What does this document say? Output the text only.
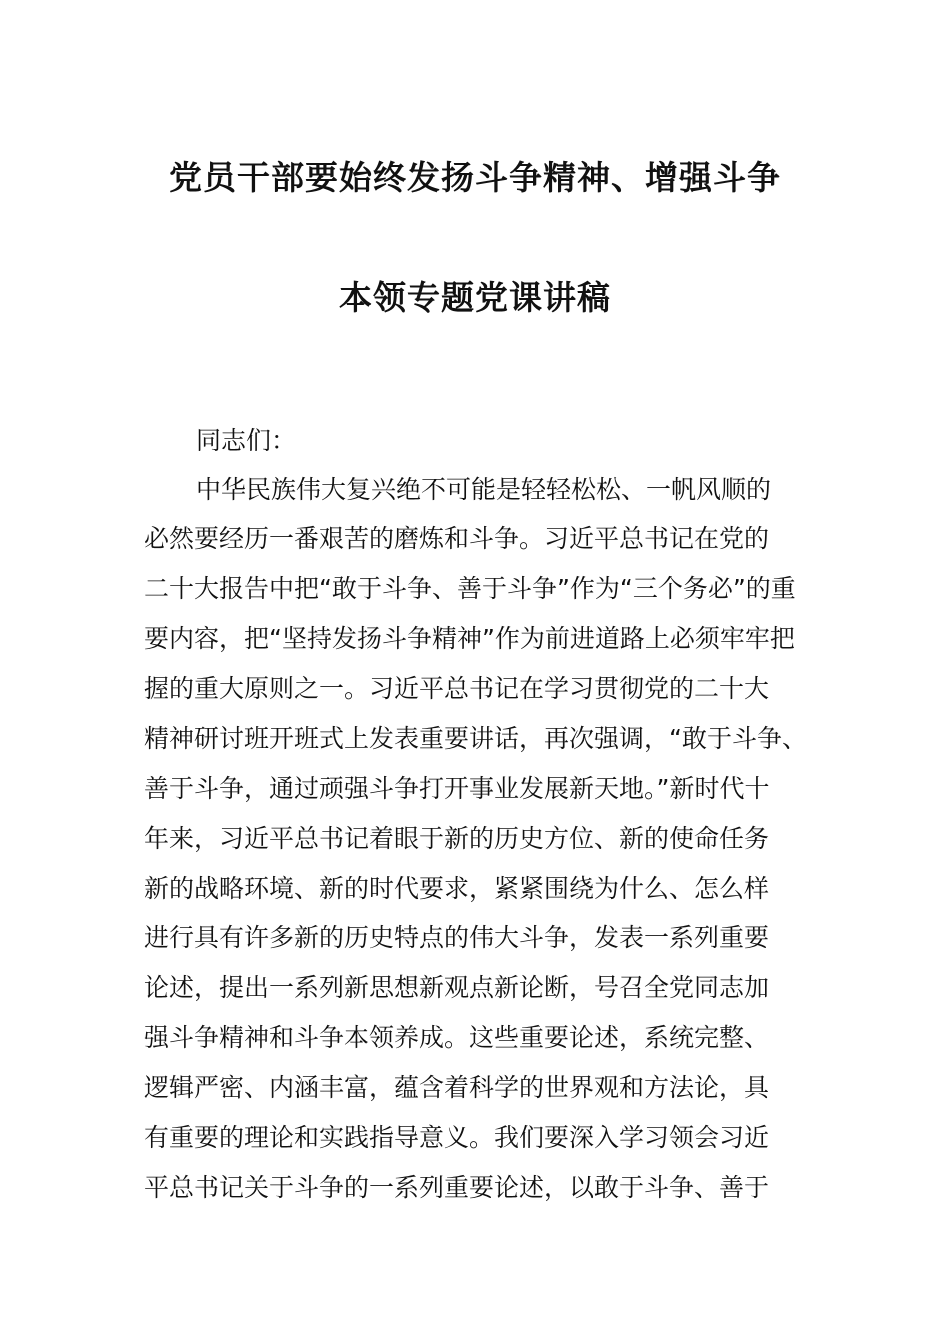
党员干部要始终发扬斗争精神、增强斗争
本领专题党课讲稿
同志们：
中华民族伟大复兴绝不可能是轻轻松松、一帆风顺的
必然要经历一番艰苦的磨炼和斗争。习近平总书记在党的
二十大报告中把“敢于斗争、善于斗争”作为“三个务必”的重
要内容，把“坚持发扬斗争精神”作为前进道路上必须牢牢把
握的重大原则之一。习近平总书记在学习贯彻党的二十大
精神研讨班开班式上发表重要讲话，再次强调，“敢于斗争、
善于斗争，通过顽强斗争打开事业发展新天地。”新时代十
年来，习近平总书记着眼于新的历史方位、新的使命任务
新的战略环境、新的时代要求，紧紧围绕为什么、怎么样
进行具有许多新的历史特点的伟大斗争，发表一系列重要
论述，提出一系列新思想新观点新论断，号召全党同志加
强斗争精神和斗争本领养成。这些重要论述，系统完整、
逻辑严密、内涵丰富，蕴含着科学的世界观和方法论，具
有重要的理论和实践指导意义。我们要深入学习领会习近
平总书记关于斗争的一系列重要论述，以敢于斗争、善于
